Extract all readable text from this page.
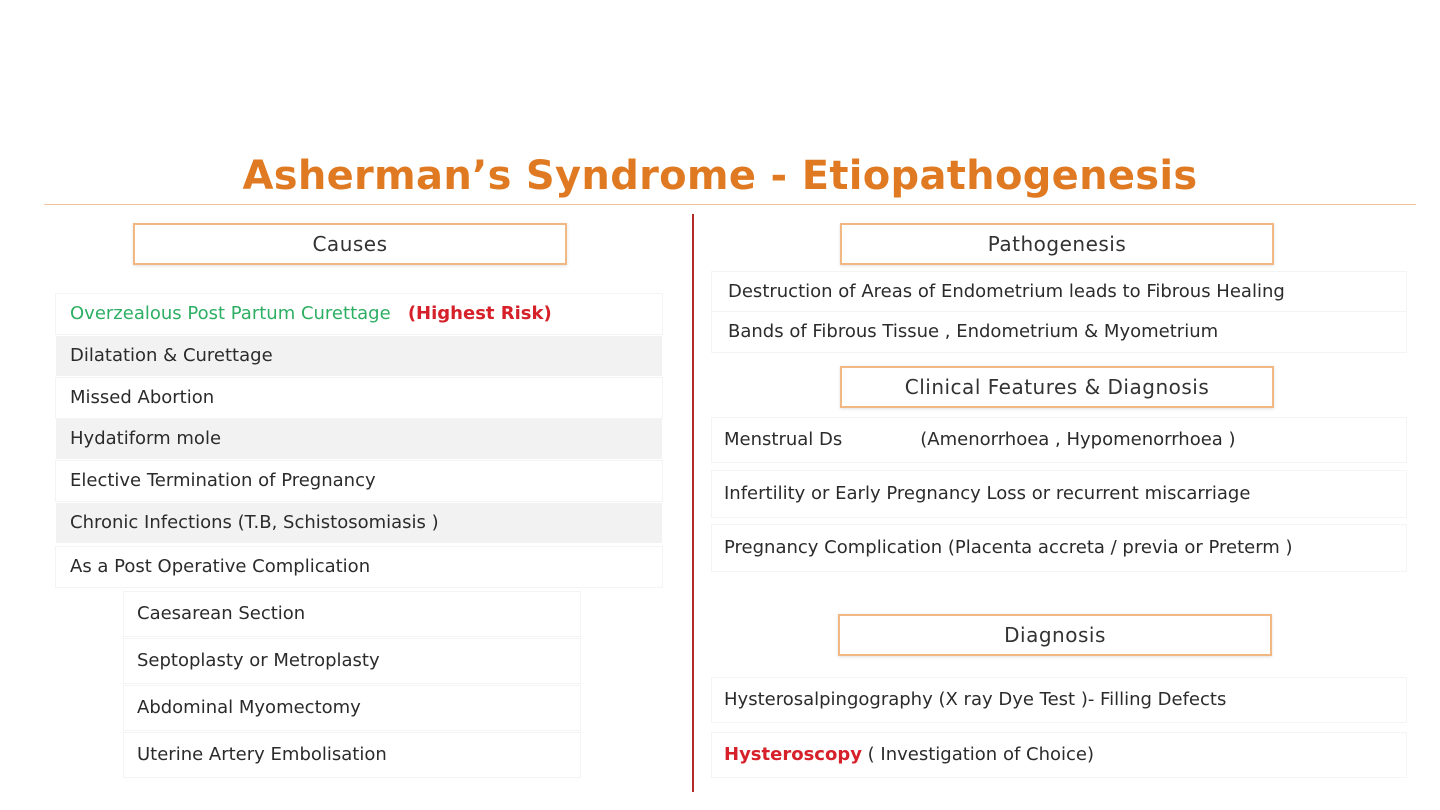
Asherman’s Syndrome - Etiopathogenesis
Causes
Overzealous Post Partum Curettage (Highest Risk)
Dilatation & Curettage
Missed Abortion
Hydatiform mole
Elective Termination of Pregnancy
Chronic Infections (T.B, Schistosomiasis )
As a Post Operative Complication
Caesarean Section
Septoplasty or Metroplasty
Abdominal Myomectomy
Uterine Artery Embolisation
Pathogenesis
Destruction of Areas of Endometrium leads to Fibrous Healing
Bands of Fibrous Tissue , Endometrium & Myometrium
Clinical Features & Diagnosis
Menstrual Ds	(Amenorrhoea , Hypomenorrhoea )
Infertility or Early Pregnancy Loss or recurrent miscarriage
Pregnancy Complication (Placenta accreta / previa or Preterm )
Diagnosis
Hysterosalpingography (X ray Dye Test )- Filling Defects
Hysteroscopy ( Investigation of Choice)
